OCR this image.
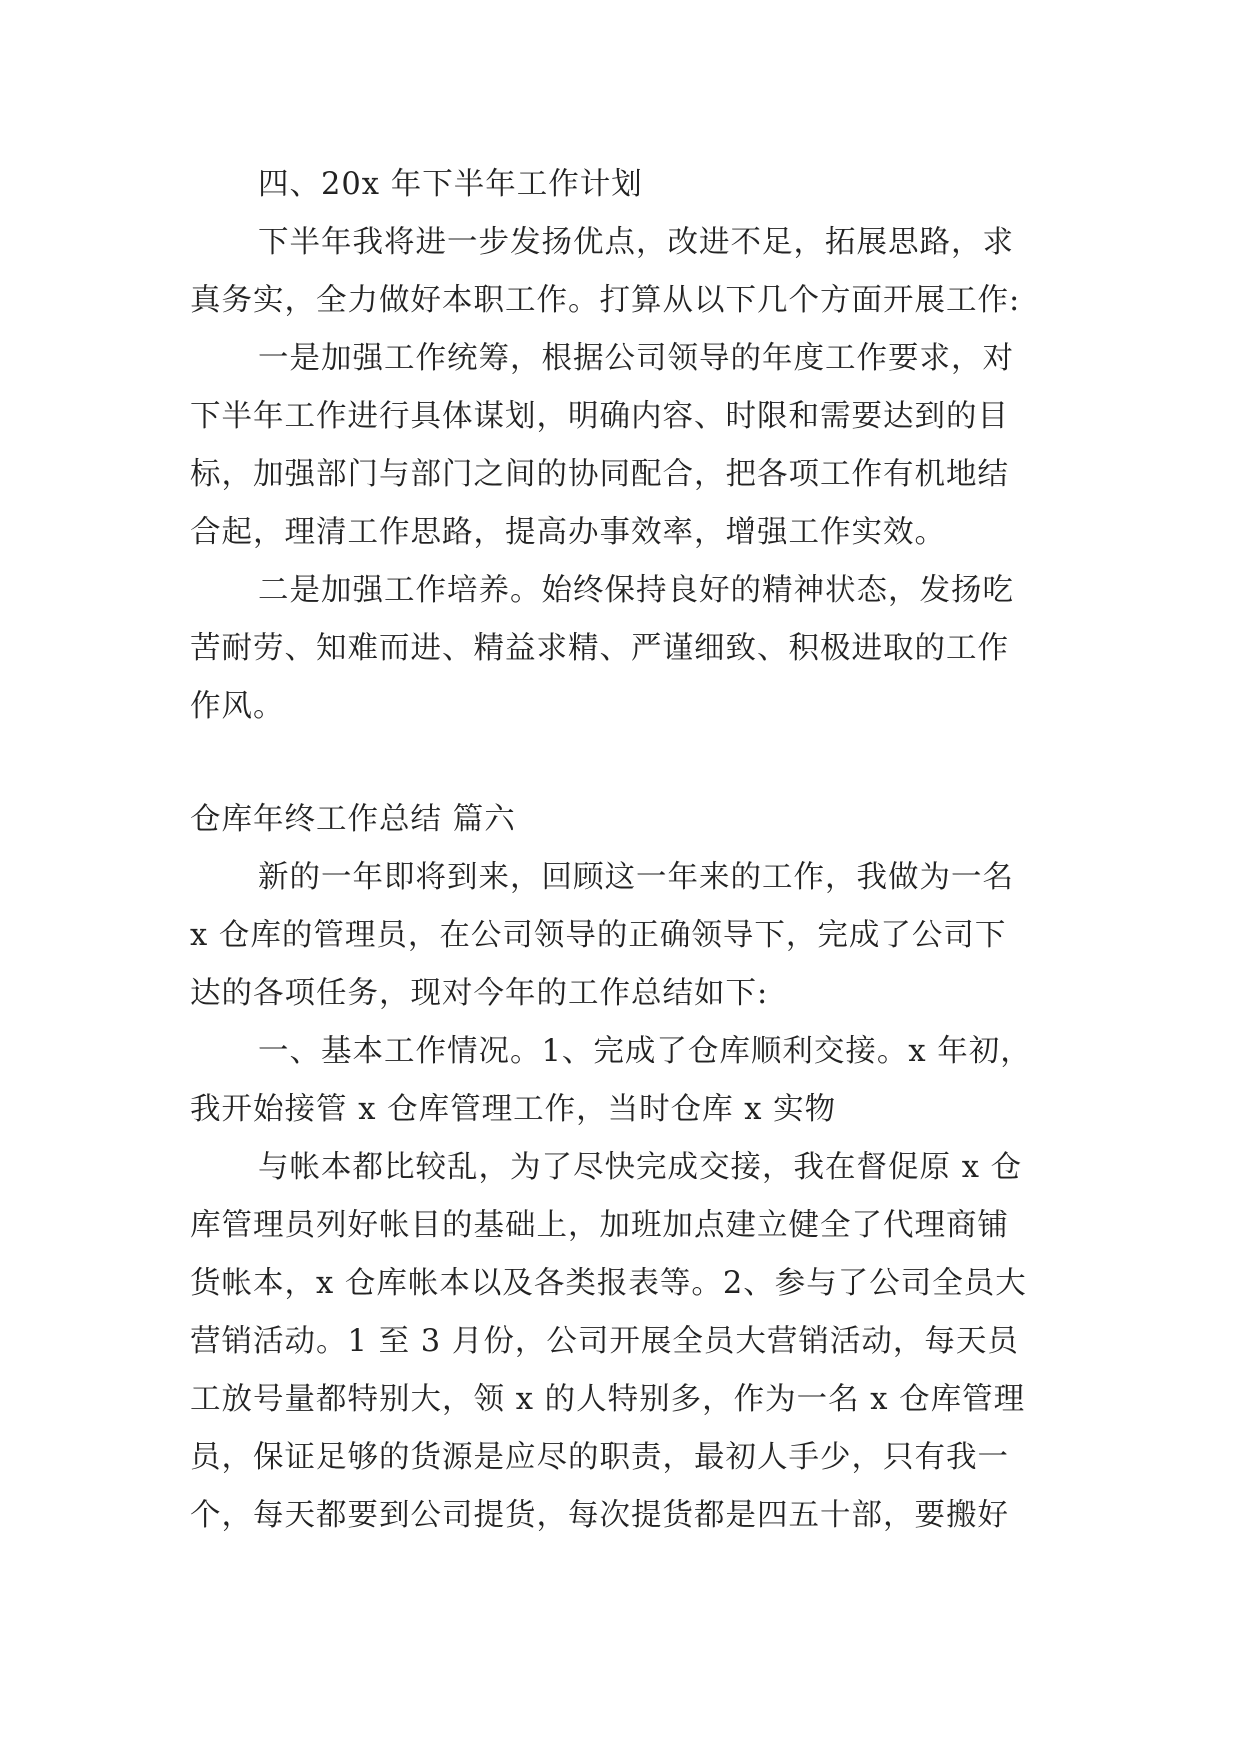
四、20x 年下半年工作计划
下半年我将进一步发扬优点，改进不足，拓展思路，求
真务实，全力做好本职工作。打算从以下几个方面开展工作:
一是加强工作统筹，根据公司领导的年度工作要求，对
下半年工作进行具体谋划，明确内容、时限和需要达到的目
标，加强部门与部门之间的协同配合，把各项工作有机地结
合起，理清工作思路，提高办事效率，增强工作实效。
二是加强工作培养。始终保持良好的精神状态，发扬吃
苦耐劳、知难而进、精益求精、严谨细致、积极进取的工作
作风。
仓库年终工作总结 篇六
新的一年即将到来，回顾这一年来的工作，我做为一名
x 仓库的管理员，在公司领导的正确领导下，完成了公司下
达的各项任务，现对今年的工作总结如下:
一、基本工作情况。1、完成了仓库顺利交接。x 年初，
我开始接管 x 仓库管理工作，当时仓库 x 实物
与帐本都比较乱，为了尽快完成交接，我在督促原 x 仓
库管理员列好帐目的基础上，加班加点建立健全了代理商铺
货帐本，x 仓库帐本以及各类报表等。2、参与了公司全员大
营销活动。1 至 3 月份，公司开展全员大营销活动，每天员
工放号量都特别大，领 x 的人特别多，作为一名 x 仓库管理
员，保证足够的货源是应尽的职责，最初人手少，只有我一
个，每天都要到公司提货，每次提货都是四五十部，要搬好
